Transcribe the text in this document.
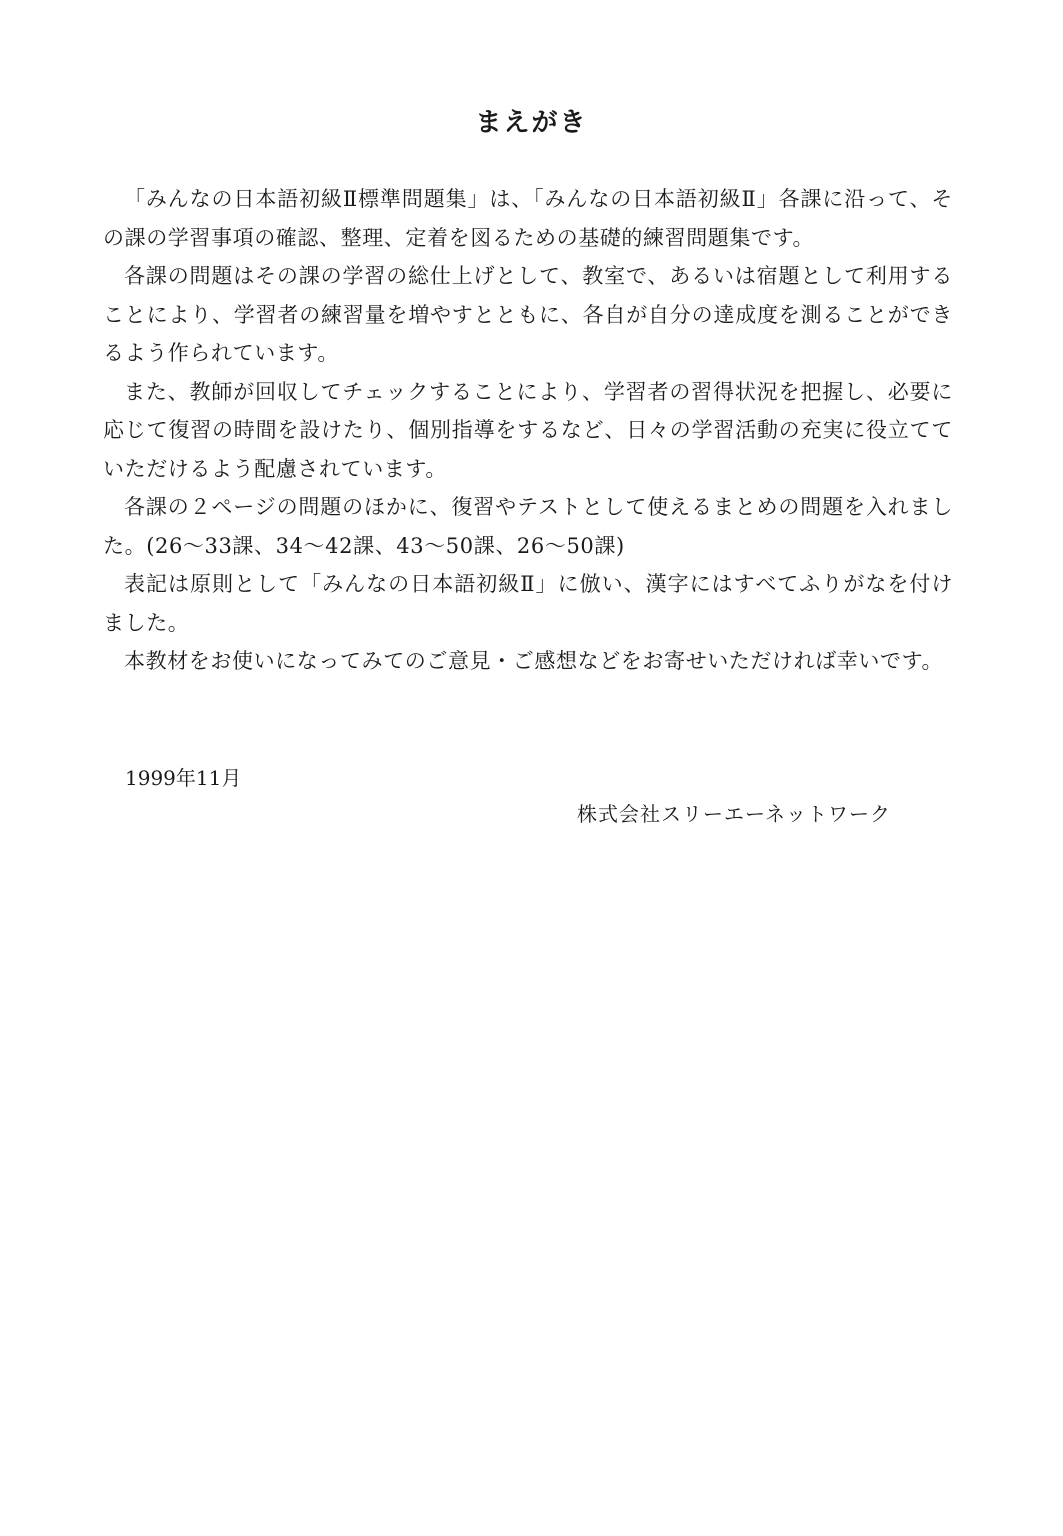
まえがき

「みんなの日本語初級Ⅱ標準問題集」は、「みんなの日本語初級Ⅱ」各課に沿って、その課の学習事項の確認、整理、定着を図るための基礎的練習問題集です。

各課の問題はその課の学習の総仕上げとして、教室で、あるいは宿題として利用することにより、学習者の練習量を増やすとともに、各自が自分の達成度を測ることができるよう作られています。

また、教師が回収してチェックすることにより、学習者の習得状況を把握し、必要に応じて復習の時間を設けたり、個別指導をするなど、日々の学習活動の充実に役立てていただけるよう配慮されています。

各課の２ページの問題のほかに、復習やテストとして使えるまとめの問題を入れました。(26〜33課、34〜42課、43〜50課、26〜50課)

表記は原則として「みんなの日本語初級Ⅱ」に倣い、漢字にはすべてふりがなを付けました。

本教材をお使いになってみてのご意見・ご感想などをお寄せいただければ幸いです。

1999年11月

株式会社スリーエーネットワーク
